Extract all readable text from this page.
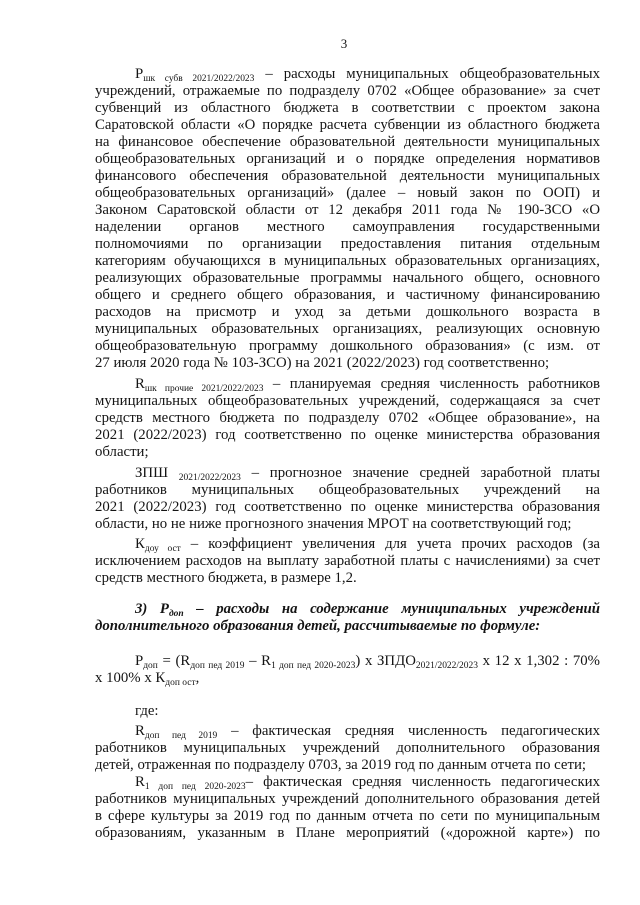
3
$Р_{шк субв 2021/2022/2023}$ – расходы муниципальных общеобразовательных
учреждений, отражаемые по подразделу 0702 «Общее образование» за счет
субвенций из областного бюджета в соответствии с проектом закона
Саратовской области «О порядке расчета субвенции из областного бюджета
на финансовое обеспечение образовательной деятельности муниципальных
общеобразовательных организаций и о порядке определения нормативов
финансового обеспечения образовательной деятельности муниципальных
общеобразовательных организаций» (далее – новый закон по ООП) и
Законом Саратовской области от 12 декабря 2011 года № 190-ЗСО «О
наделении органов местного самоуправления государственными
полномочиями по организации предоставления питания отдельным
категориям обучающихся в муниципальных образовательных организациях,
реализующих образовательные программы начального общего, основного
общего и среднего общего образования, и частичному финансированию
расходов на присмотр и уход за детьми дошкольного возраста в
муниципальных образовательных организациях, реализующих основную
общеобразовательную программу дошкольного образования» (с изм. от
27 июля 2020 года № 103-ЗСО) на 2021 (2022/2023) год соответственно;
$R_{шк прочие 2021/2022/2023}$ – планируемая средняя численность работников
муниципальных общеобразовательных учреждений, содержащаяся за счет
средств местного бюджета по подразделу 0702 «Общее образование», на
2021 (2022/2023) год соответственно по оценке министерства образования
области;
ЗПШ $_{2021/2022/2023}$ – прогнозное значение средней заработной платы
работников муниципальных общеобразовательных учреждений на
2021 (2022/2023) год соответственно по оценке министерства образования
области, но не ниже прогнозного значения МРОТ на соответствующий год;
$К_{доу ост}$ – коэффициент увеличения для учета прочих расходов (за
исключением расходов на выплату заработной платы с начислениями) за счет
средств местного бюджета, в размере 1,2.
3) $Р_{доп}$ – расходы на содержание муниципальных учреждений
дополнительного образования детей, рассчитываемые по формуле:
$Р_{доп} = (R_{доп пед 2019} - R_{1 доп пед 2020-2023})$ х $ЗПДО_{2021/2022/2023}$ х 12 х 1,302 : 70%
х 100% х $К_{доп ост}$,
где:
$R_{доп пед 2019}$ – фактическая средняя численность педагогических
работников муниципальных учреждений дополнительного образования
детей, отраженная по подразделу 0703, за 2019 год по данным отчета по сети;
$R_{1 доп пед 2020-2023}-$ фактическая средняя численность педагогических
работников муниципальных учреждений дополнительного образования детей
в сфере культуры за 2019 год по данным отчета по сети по муниципальным
образованиям, указанным в Плане мероприятий («дорожной карте») по
